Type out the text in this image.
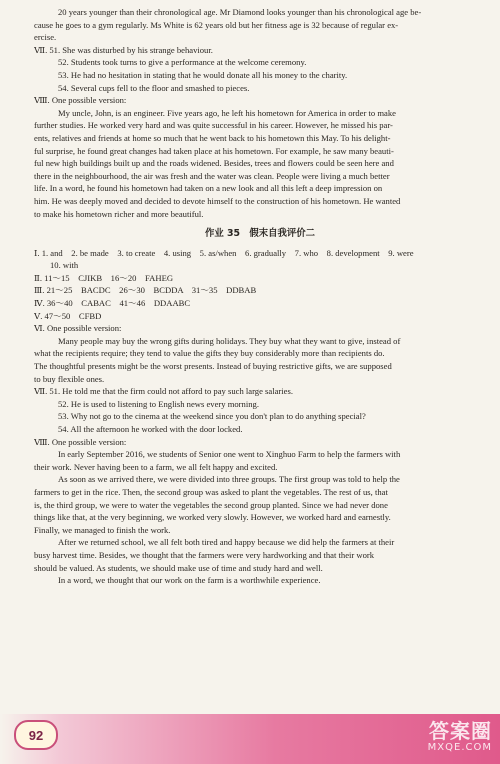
20 years younger than their chronological age. Mr Diamond looks younger than his chronological age be-
cause he goes to a gym regularly. Ms White is 62 years old but her fitness age is 32 because of regular ex-
ercise.
Ⅶ. 51. She was disturbed by his strange behaviour.
52. Students took turns to give a performance at the welcome ceremony.
53. He had no hesitation in stating that he would donate all his money to the charity.
54. Several cups fell to the floor and smashed to pieces.
Ⅷ. One possible version:
My uncle, John, is an engineer. Five years ago, he left his hometown for America in order to make
further studies. He worked very hard and was quite successful in his career. However, he missed his par-
ents, relatives and friends at home so much that he went back to his hometown this May. To his delight-
ful surprise, he found great changes had taken place at his hometown. For example, he saw many beauti-
ful new high buildings built up and the roads widened. Besides, trees and flowers could be seen here and
there in the neighbourhood, the air was fresh and the water was clean. People were living a much better
life. In a word, he found his hometown had taken on a new look and all this left a deep impression on
him. He was deeply moved and decided to devote himself to the construction of his hometown. He wanted
to make his hometown richer and more beautiful.
作业 35　假末自我评价二
Ⅰ. 1. and　2. be made　3. to create　4. using　5. as/when　6. gradually　7. who　8. development　9. were
10. with
Ⅱ. 11～15　CJIKB　16～20　FAHEG
Ⅲ. 21～25　BACDC　26～30　BCDDA　31～35　DDBAB
Ⅳ. 36～40　CABAC　41～46　DDAABC
Ⅴ. 47～50　CFBD
Ⅵ. One possible version:
Many people may buy the wrong gifts during holidays. They buy what they want to give, instead of
what the recipients require; they tend to value the gifts they buy considerably more than recipients do.
The thoughtful presents might be the worst presents. Instead of buying restrictive gifts, we are supposed
to buy flexible ones.
Ⅶ. 51. He told me that the firm could not afford to pay such large salaries.
52. He is used to listening to English news every morning.
53. Why not go to the cinema at the weekend since you don't plan to do anything special?
54. All the afternoon he worked with the door locked.
Ⅷ. One possible version:
In early September 2016, we students of Senior one went to Xinghuo Farm to help the farmers with
their work. Never having been to a farm, we all felt happy and excited.
As soon as we arrived there, we were divided into three groups. The first group was told to help the
farmers to get in the rice. Then, the second group was asked to plant the vegetables. The rest of us, that
is, the third group, we were to water the vegetables the second group planted. Since we had never done
things like that, at the very beginning, we worked very slowly. However, we worked hard and earnestly.
Finally, we managed to finish the work.
After we returned school, we all felt both tired and happy because we did help the farmers at their
busy harvest time. Besides, we thought that the farmers were very hardworking and that their work
should be valued. As students, we should make use of time and study hard and well.
In a word, we thought that our work on the farm is a worthwhile experience.
92	答案圈
MXQE.COM
